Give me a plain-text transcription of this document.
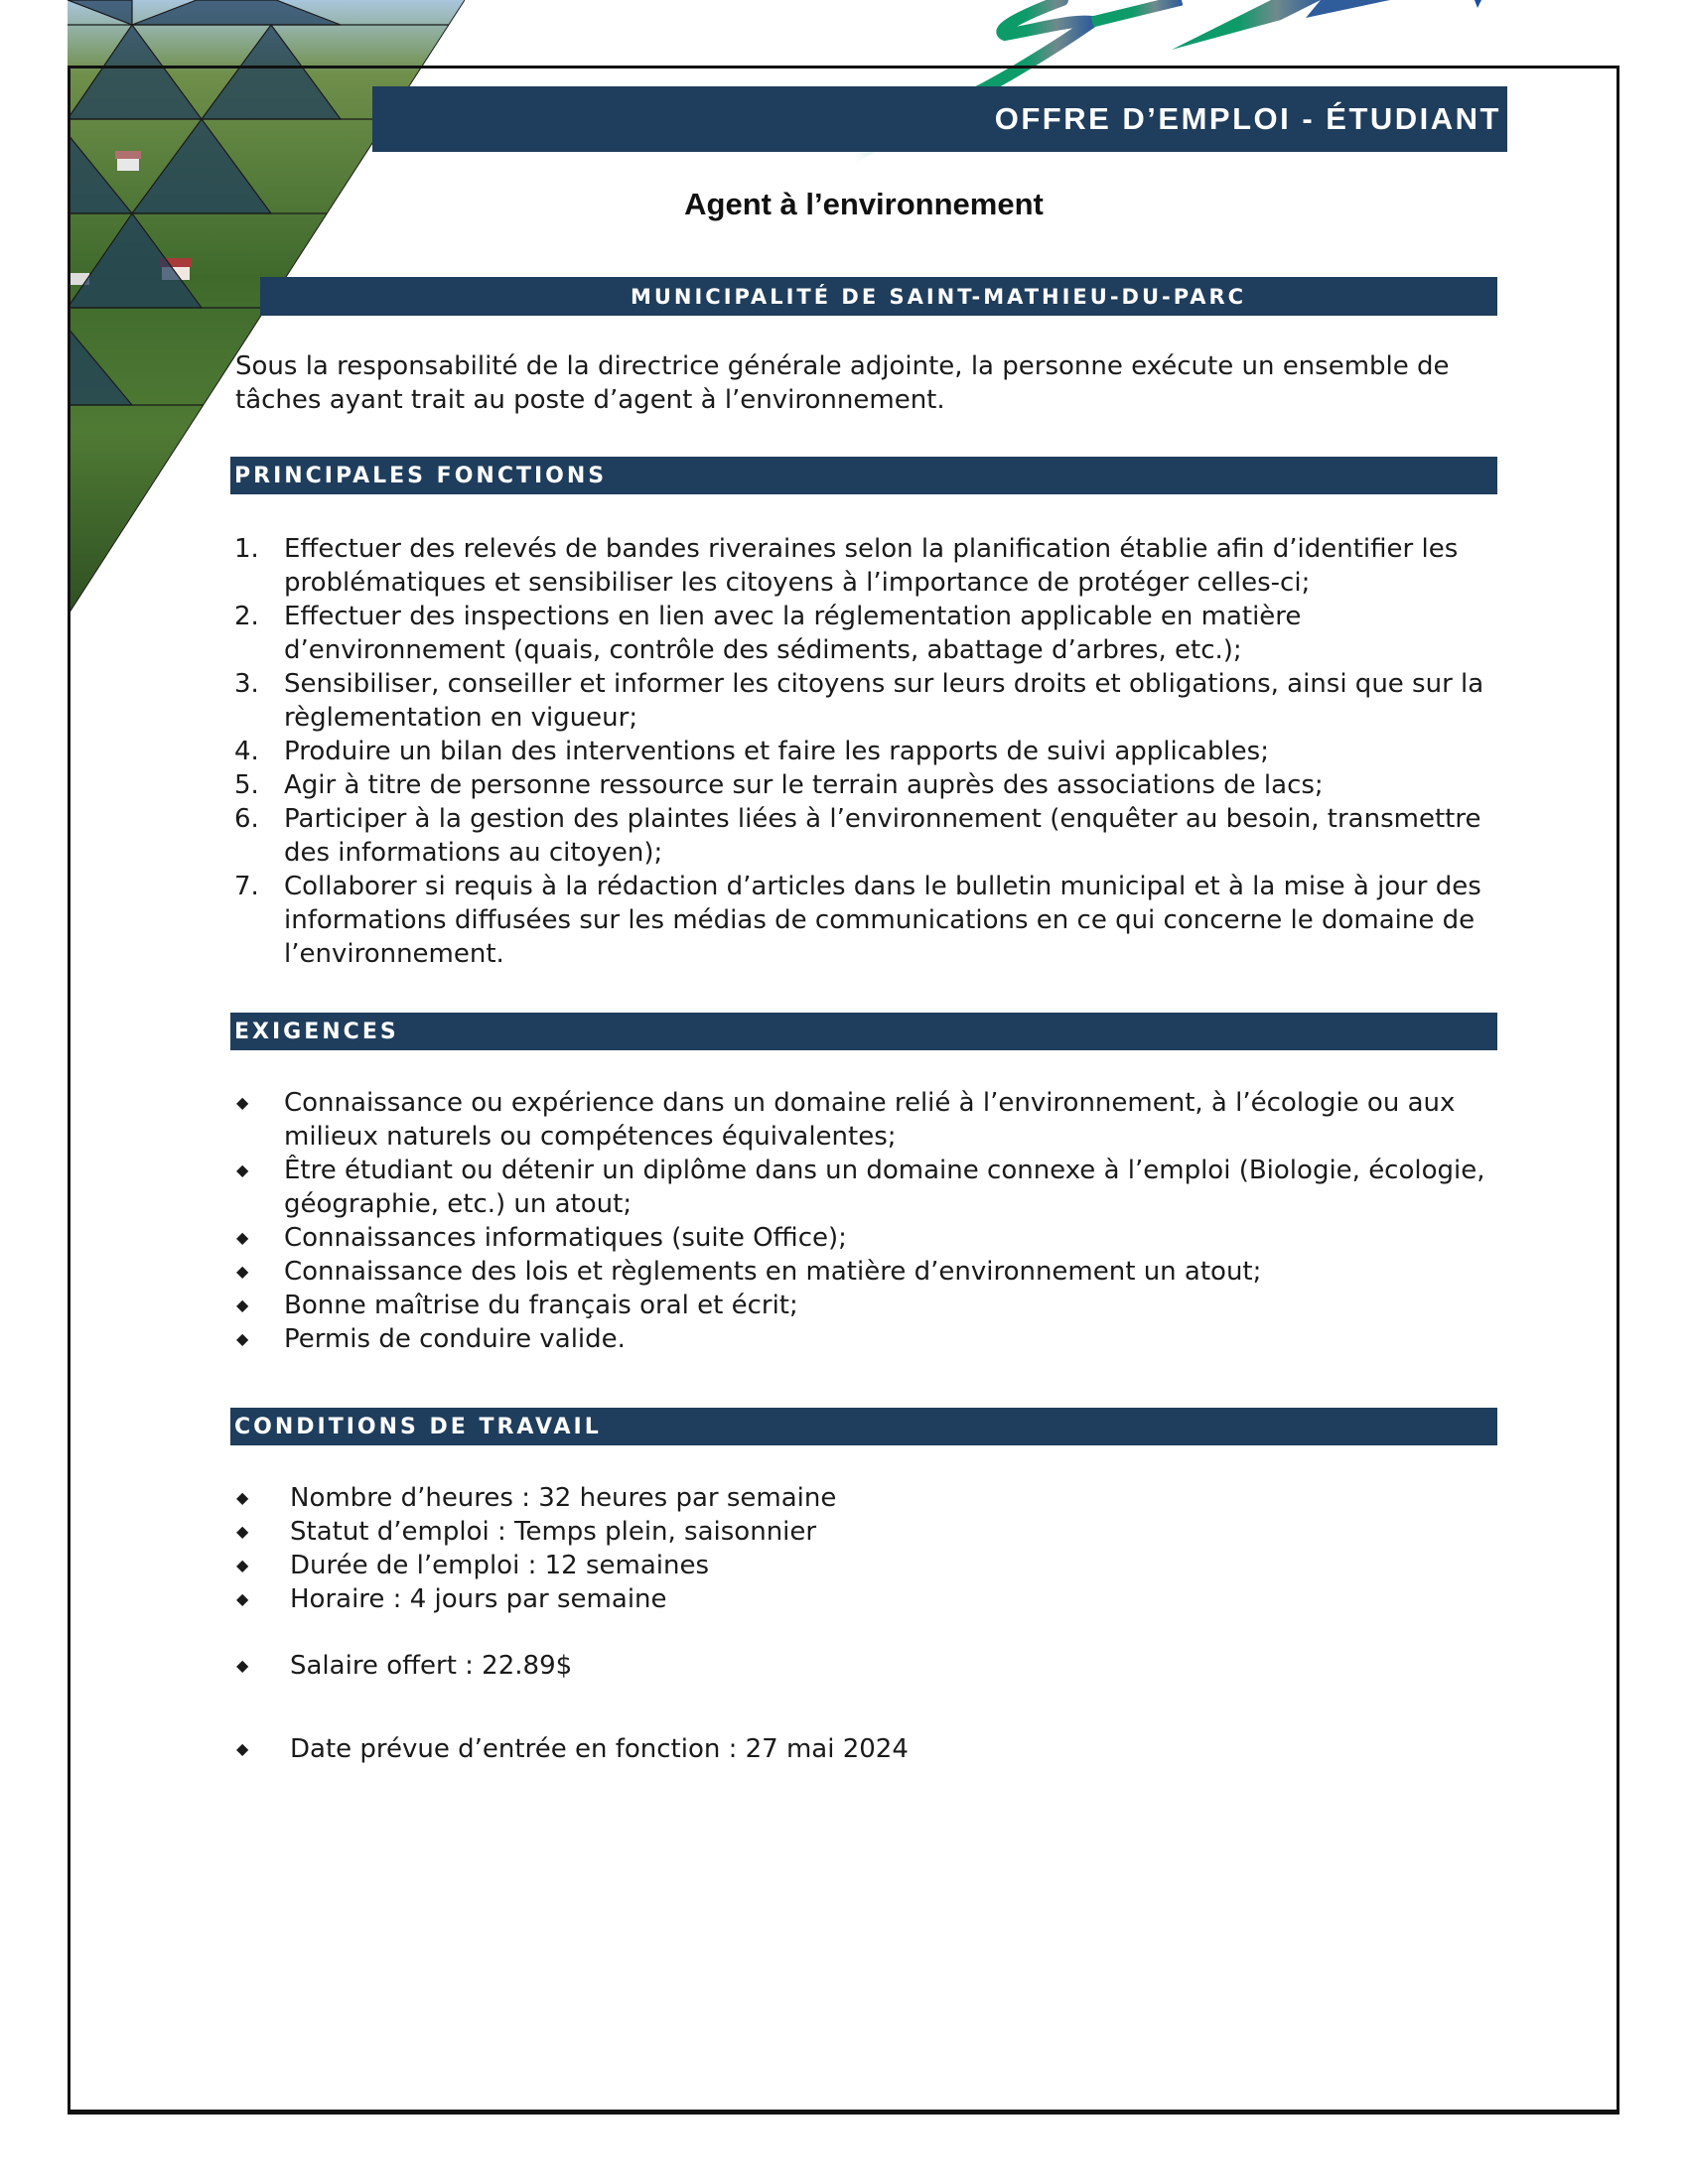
OFFRE D’EMPLOI - ÉTUDIANT
Agent à l’environnement
MUNICIPALITÉ DE SAINT-MATHIEU-DU-PARC
Sous la responsabilité de la directrice générale adjointe, la personne exécute un ensemble de tâches ayant trait au poste d’agent à l’environnement.
PRINCIPALES FONCTIONS
1. Effectuer des relevés de bandes riveraines selon la planification établie afin d’identifier les problématiques et sensibiliser les citoyens à l’importance de protéger celles-ci;
2. Effectuer des inspections en lien avec la réglementation applicable en matière d’environnement (quais, contrôle des sédiments, abattage d’arbres, etc.);
3. Sensibiliser, conseiller et informer les citoyens sur leurs droits et obligations, ainsi que sur la règlementation en vigueur;
4. Produire un bilan des interventions et faire les rapports de suivi applicables;
5. Agir à titre de personne ressource sur le terrain auprès des associations de lacs;
6. Participer à la gestion des plaintes liées à l’environnement (enquêter au besoin, transmettre des informations au citoyen);
7. Collaborer si requis à la rédaction d’articles dans le bulletin municipal et à la mise à jour des informations diffusées sur les médias de communications en ce qui concerne le domaine de l’environnement.
EXIGENCES
◆ Connaissance ou expérience dans un domaine relié à l’environnement, à l’écologie ou aux milieux naturels ou compétences équivalentes;
◆ Être étudiant ou détenir un diplôme dans un domaine connexe à l’emploi (Biologie, écologie, géographie, etc.) un atout;
◆ Connaissances informatiques (suite Office);
◆ Connaissance des lois et règlements en matière d’environnement un atout;
◆ Bonne maîtrise du français oral et écrit;
◆ Permis de conduire valide.
CONDITIONS DE TRAVAIL
◆ Nombre d’heures : 32 heures par semaine
◆ Statut d’emploi : Temps plein, saisonnier
◆ Durée de l’emploi : 12 semaines
◆ Horaire : 4 jours par semaine
◆ Salaire offert : 22.89$
◆ Date prévue d’entrée en fonction : 27 mai 2024
